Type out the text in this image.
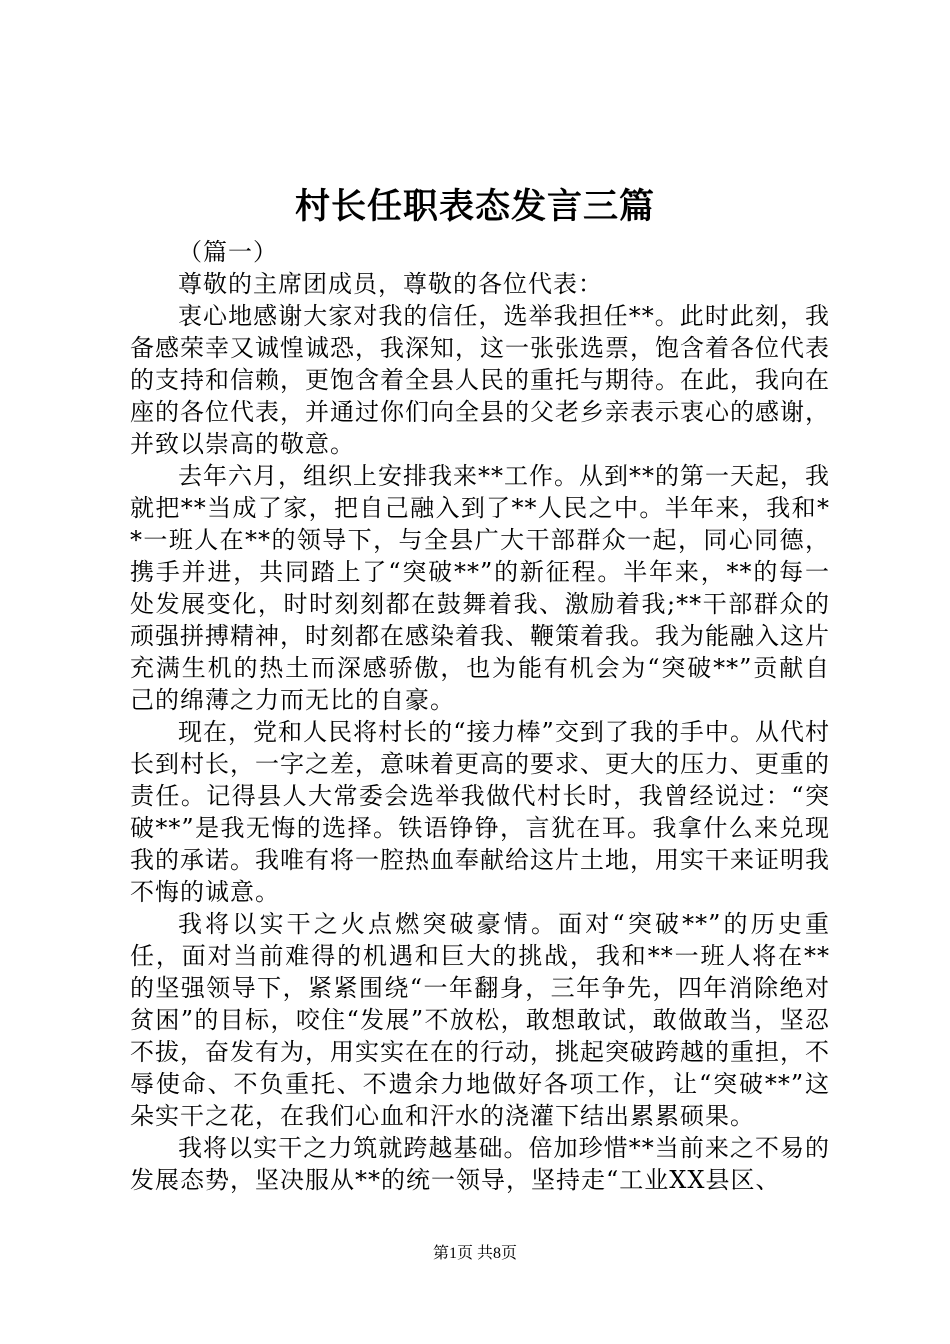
村长任职表态发言三篇

（篇一）

尊敬的主席团成员，尊敬的各位代表：

衷心地感谢大家对我的信任，选举我担任**。此时此刻，我备感荣幸又诚惶诚恐，我深知，这一张张选票，饱含着各位代表的支持和信赖，更饱含着全县人民的重托与期待。在此，我向在座的各位代表，并通过你们向全县的父老乡亲表示衷心的感谢，并致以崇高的敬意。

去年六月，组织上安排我来**工作。从到**的第一天起，我就把**当成了家，把自己融入到了**人民之中。半年来，我和**一班人在**的领导下，与全县广大干部群众一起，同心同德，携手并进，共同踏上了“突破**”的新征程。半年来，**的每一处发展变化，时时刻刻都在鼓舞着我、激励着我;**干部群众的顽强拼搏精神，时刻都在感染着我、鞭策着我。我为能融入这片充满生机的热土而深感骄傲，也为能有机会为“突破**”贡献自己的绵薄之力而无比的自豪。

现在，党和人民将村长的“接力棒”交到了我的手中。从代村长到村长，一字之差，意味着更高的要求、更大的压力、更重的责任。记得县人大常委会选举我做代村长时，我曾经说过：“突破**”是我无悔的选择。铁语铮铮，言犹在耳。我拿什么来兑现我的承诺。我唯有将一腔热血奉献给这片土地，用实干来证明我不悔的诚意。

我将以实干之火点燃突破豪情。面对“突破**”的历史重任，面对当前难得的机遇和巨大的挑战，我和**一班人将在**的坚强领导下，紧紧围绕“一年翻身，三年争先，四年消除绝对贫困”的目标，咬住“发展”不放松，敢想敢试，敢做敢当，坚忍不拔，奋发有为，用实实在在的行动，挑起突破跨越的重担，不辱使命、不负重托、不遗余力地做好各项工作，让“突破**”这朵实干之花，在我们心血和汗水的浇灌下结出累累硕果。

我将以实干之力筑就跨越基础。倍加珍惜**当前来之不易的发展态势，坚决服从**的统一领导，坚持走“工业XX县区、

第1页 共8页
